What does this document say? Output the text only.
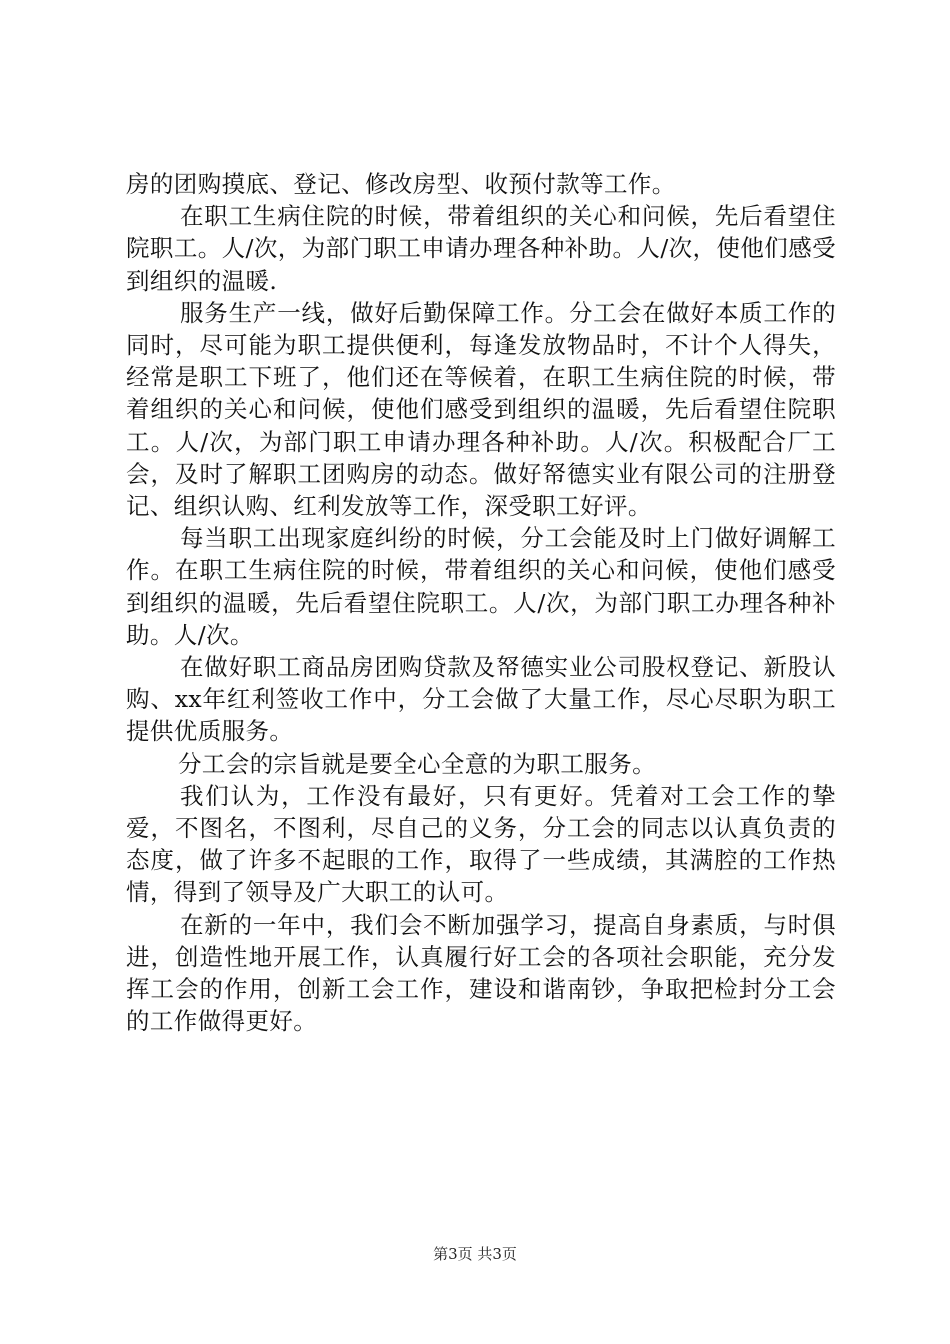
房的团购摸底、登记、修改房型、收预付款等工作。

在职工生病住院的时候，带着组织的关心和问候，先后看望住院职工。人/次，为部门职工申请办理各种补助。人/次，使他们感受到组织的温暖.

服务生产一线，做好后勤保障工作。分工会在做好本质工作的同时，尽可能为职工提供便利，每逢发放物品时，不计个人得失，经常是职工下班了，他们还在等候着，在职工生病住院的时候，带着组织的关心和问候，使他们感受到组织的温暖，先后看望住院职工。人/次，为部门职工申请办理各种补助。人/次。积极配合厂工会，及时了解职工团购房的动态。做好帑德实业有限公司的注册登记、组织认购、红利发放等工作，深受职工好评。

每当职工出现家庭纠纷的时候，分工会能及时上门做好调解工作。在职工生病住院的时候，带着组织的关心和问候，使他们感受到组织的温暖，先后看望住院职工。人/次，为部门职工办理各种补助。人/次。

在做好职工商品房团购贷款及帑德实业公司股权登记、新股认购、xx年红利签收工作中，分工会做了大量工作，尽心尽职为职工提供优质服务。

分工会的宗旨就是要全心全意的为职工服务。

我们认为，工作没有最好，只有更好。凭着对工会工作的挚爱，不图名，不图利，尽自己的义务，分工会的同志以认真负责的态度，做了许多不起眼的工作，取得了一些成绩，其满腔的工作热情，得到了领导及广大职工的认可。

在新的一年中，我们会不断加强学习，提高自身素质，与时俱进，创造性地开展工作，认真履行好工会的各项社会职能，充分发挥工会的作用，创新工会工作，建设和谐南钞，争取把检封分工会的工作做得更好。

第3页 共3页
